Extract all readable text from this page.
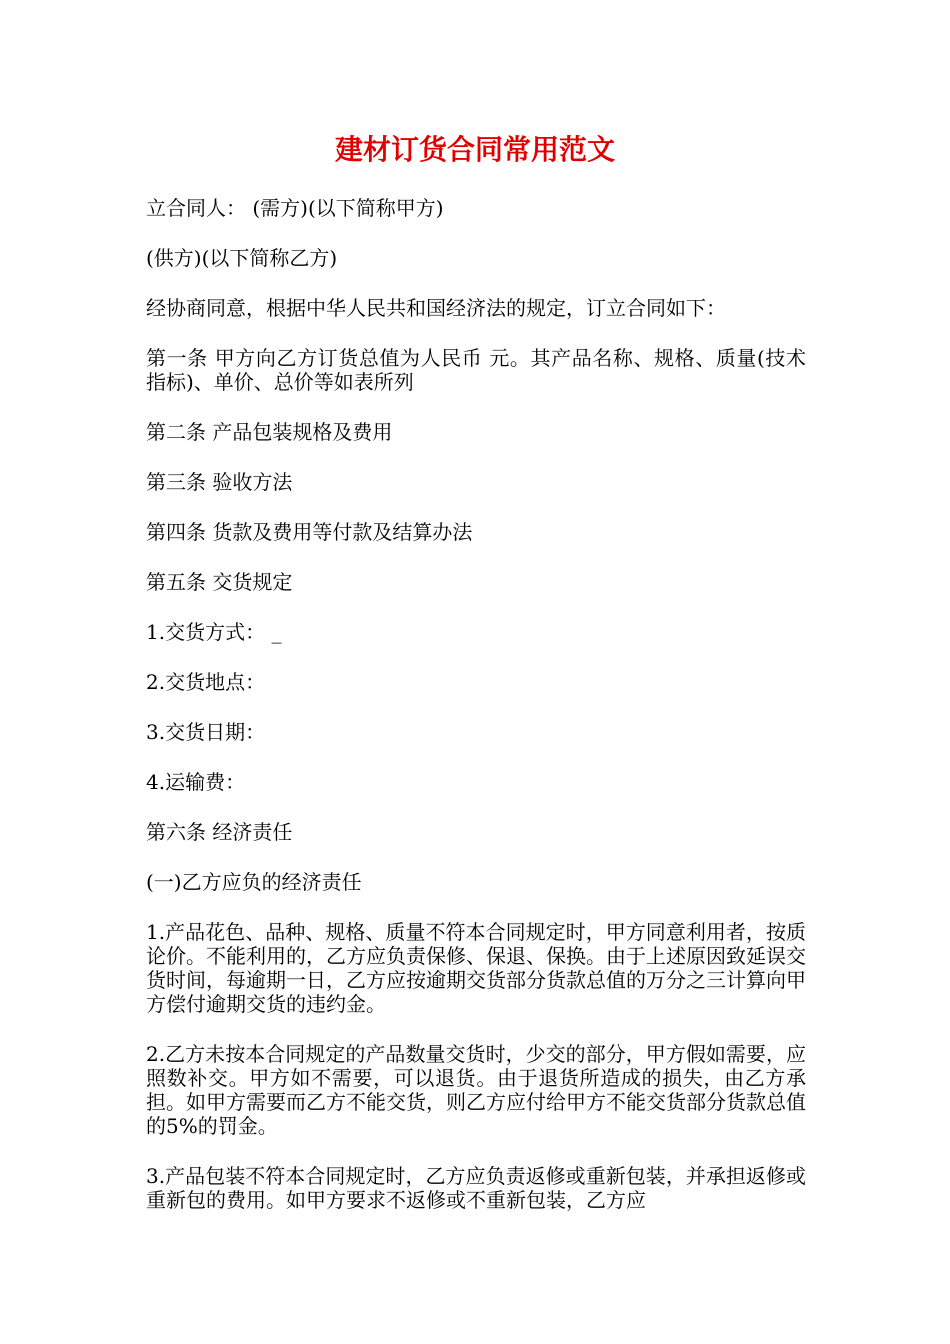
建材订货合同常用范文

立合同人： (需方)(以下简称甲方)

(供方)(以下简称乙方)

经协商同意，根据中华人民共和国经济法的规定，订立合同如下：

第一条 甲方向乙方订货总值为人民币 元。其产品名称、规格、质量(技术指标)、单价、总价等如表所列

第二条 产品包装规格及费用

第三条 验收方法

第四条 货款及费用等付款及结算办法

第五条 交货规定

1.交货方式： _

2.交货地点：

3.交货日期：

4.运输费：

第六条 经济责任

(一)乙方应负的经济责任

1.产品花色、品种、规格、质量不符本合同规定时，甲方同意利用者，按质论价。不能利用的，乙方应负责保修、保退、保换。由于上述原因致延误交货时间，每逾期一日，乙方应按逾期交货部分货款总值的万分之三计算向甲方偿付逾期交货的违约金。

2.乙方未按本合同规定的产品数量交货时，少交的部分，甲方假如需要，应照数补交。甲方如不需要，可以退货。由于退货所造成的损失，由乙方承担。如甲方需要而乙方不能交货，则乙方应付给甲方不能交货部分货款总值的5%的罚金。

3.产品包装不符本合同规定时，乙方应负责返修或重新包装，并承担返修或重新包的费用。如甲方要求不返修或不重新包装，乙方应
